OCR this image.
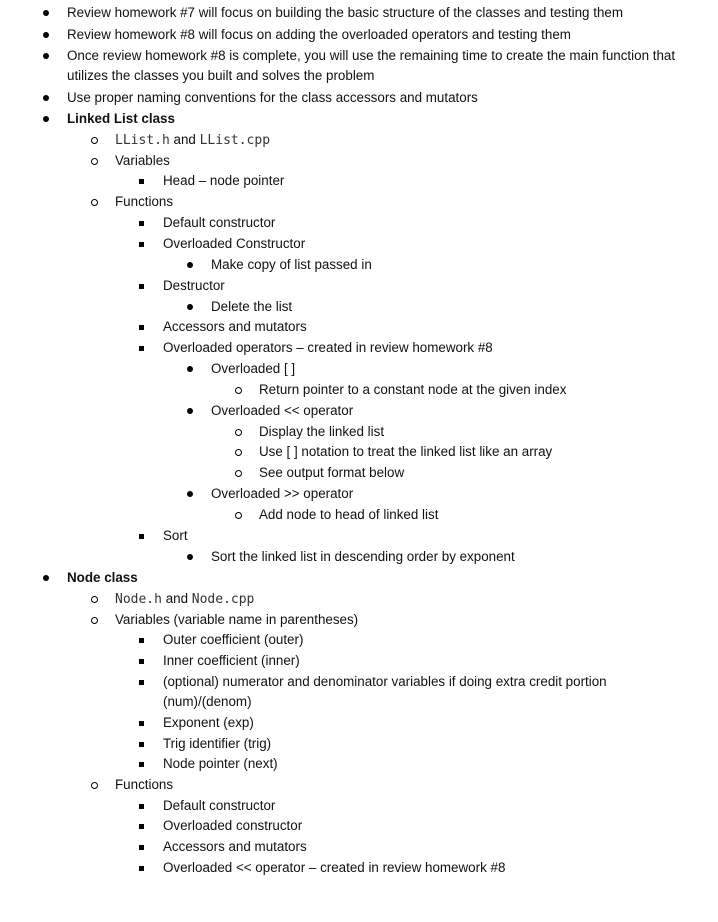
Review homework #7 will focus on building the basic structure of the classes and testing them
Review homework #8 will focus on adding the overloaded operators and testing them
Once review homework #8 is complete, you will use the remaining time to create the main function that
utilizes the classes you built and solves the problem
Use proper naming conventions for the class accessors and mutators
Linked List class
LList.h and LList.cpp
Variables
Head – node pointer
Functions
Default constructor
Overloaded Constructor
Make copy of list passed in
Destructor
Delete the list
Accessors and mutators
Overloaded operators – created in review homework #8
Overloaded [ ]
Return pointer to a constant node at the given index
Overloaded << operator
Display the linked list
Use [ ] notation to treat the linked list like an array
See output format below
Overloaded >> operator
Add node to head of linked list
Sort
Sort the linked list in descending order by exponent
Node class
Node.h and Node.cpp
Variables (variable name in parentheses)
Outer coefficient (outer)
Inner coefficient (inner)
(optional) numerator and denominator variables if doing extra credit portion
(num)/(denom)
Exponent (exp)
Trig identifier (trig)
Node pointer (next)
Functions
Default constructor
Overloaded constructor
Accessors and mutators
Overloaded << operator – created in review homework #8
